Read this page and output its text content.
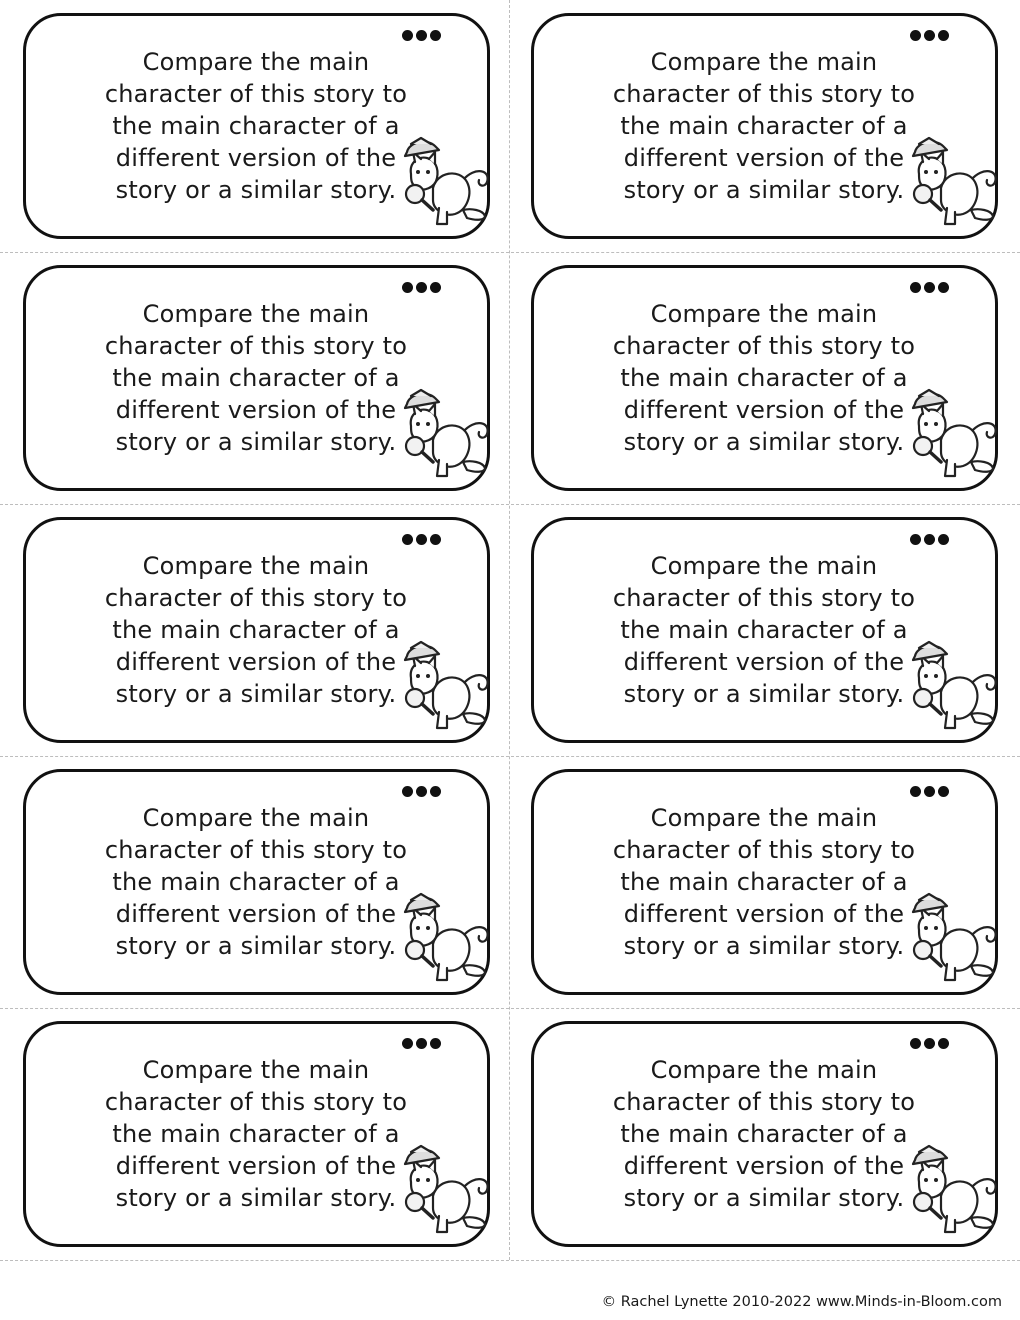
Compare the main
character of this story to
the main character of a
different version of the
story or a similar story.
Compare the main
character of this story to
the main character of a
different version of the
story or a similar story.
Compare the main
character of this story to
the main character of a
different version of the
story or a similar story.
Compare the main
character of this story to
the main character of a
different version of the
story or a similar story.
Compare the main
character of this story to
the main character of a
different version of the
story or a similar story.
Compare the main
character of this story to
the main character of a
different version of the
story or a similar story.
Compare the main
character of this story to
the main character of a
different version of the
story or a similar story.
Compare the main
character of this story to
the main character of a
different version of the
story or a similar story.
Compare the main
character of this story to
the main character of a
different version of the
story or a similar story.
Compare the main
character of this story to
the main character of a
different version of the
story or a similar story.
© Rachel Lynette 2010-2022 www.Minds-in-Bloom.com
